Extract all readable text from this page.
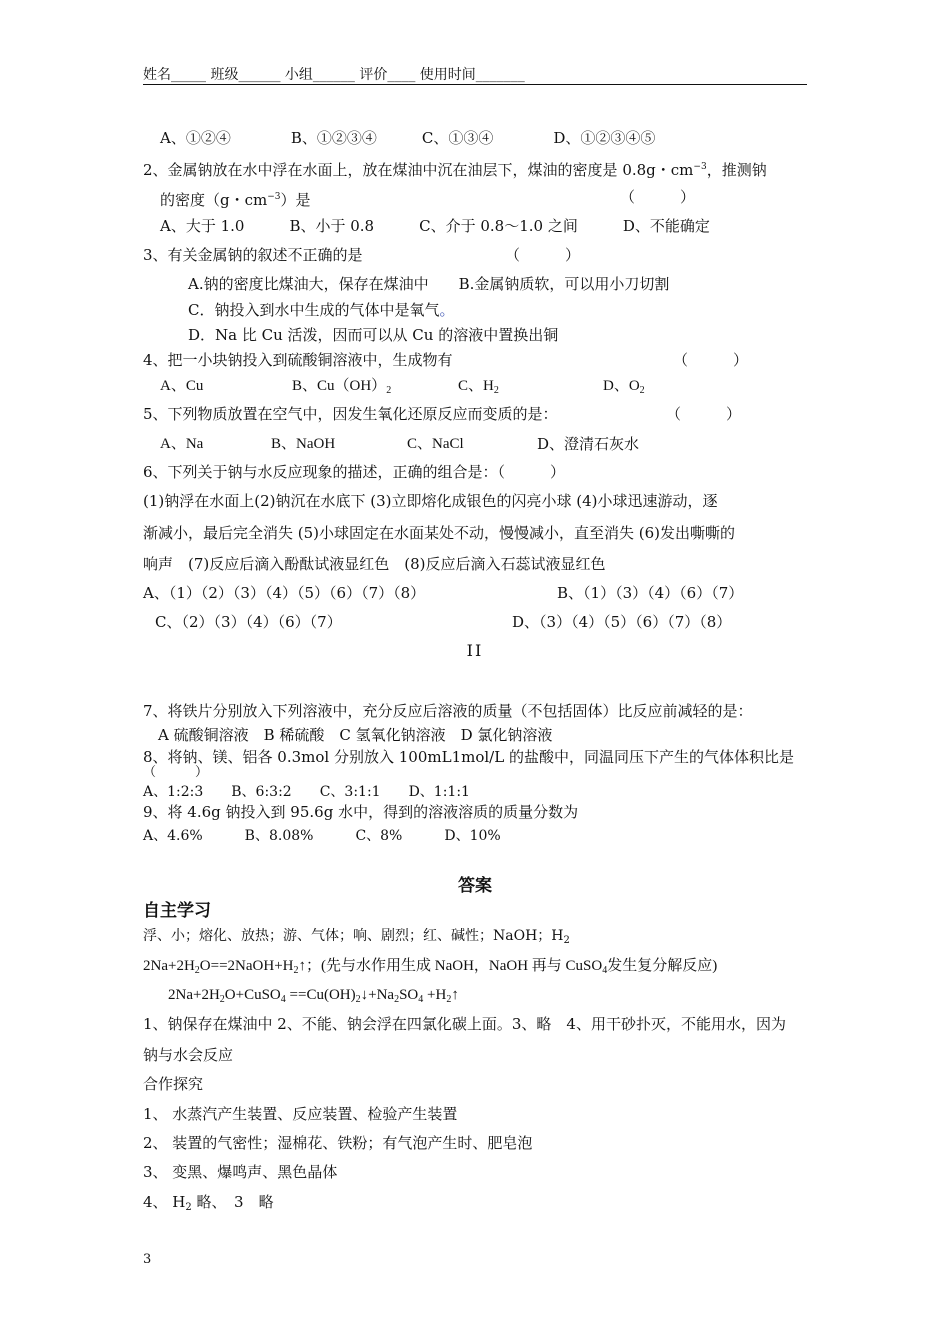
姓名_____ 班级______ 小组______ 评价____ 使用时间_______
A、①②④　　　　B、①②③④　　　C、①③④　　　　D、①②③④⑤
2、金属钠放在水中浮在水面上，放在煤油中沉在油层下，煤油的密度是 0.8g・$cm^{-3}$，推测钠
的密度（g・$cm^{-3}$）是	（　　　）
A、大于 1.0　　　B、小于 0.8　　　C、介于 0.8～1.0 之间　　　D、不能确定
3、有关金属钠的叙述不正确的是	（　　　）
A.钠的密度比煤油大，保存在煤油中　　B.金属钠质软，可以用小刀切割
C．钠投入到水中生成的气体中是氧气。
D．Na 比 Cu 活泼，因而可以从 Cu 的溶液中置换出铜
4、把一小块钠投入到硫酸铜溶液中，生成物有	（　　　）
A、Cu	B、$Cu(OH)_2$	C、$H_2$	D、$O_2$
5、下列物质放置在空气中，因发生氧化还原反应而变质的是：	（　　　）
A、Na	B、NaOH	C、NaCl	D、澄清石灰水
6、下列关于钠与水反应现象的描述，正确的组合是：（　　　）
(1)钠浮在水面上(2)钠沉在水底下 (3)立即熔化成银色的闪亮小球 (4)小球迅速游动，逐
渐减小，最后完全消失 (5)小球固定在水面某处不动，慢慢减小，直至消失 (6)发出嘶嘶的
响声　(7)反应后滴入酚酞试液显红色　(8)反应后滴入石蕊试液显红色
A、（1）（2）（3）（4）（5）（6）（7）（8）	B、（1）（3）（4）（6）（7）
C、（2）（3）（4）（6）（7）	D、（3）（4）（5）（6）（7）（8）
II
7、将铁片分别放入下列溶液中，充分反应后溶液的质量（不包括固体）比反应前减轻的是：
A 硫酸铜溶液　B 稀硫酸　C 氢氧化钠溶液　D 氯化钠溶液
8、将钠、镁、铝各 0.3mol 分别放入 100mL1mol/L 的盐酸中，同温同压下产生的气体体积比是
（　　　）
A、1:2:3　　B、6:3:2　　C、3:1:1　　D、1:1:1
9、将 4.6g 钠投入到 95.6g 水中，得到的溶液溶质的质量分数为
A、4.6%　　　B、8.08%　　　C、8%　　　D、10%
答案
自主学习
浮、小；熔化、放热；游、气体；响、剧烈；红、碱性；NaOH；$H_2$
$2Na+2H_2O==2NaOH+H_2↑$；(先与水作用生成 NaOH，NaOH 再与 CuSO$_4$发生复分解反应)
$2Na+2H_2O+CuSO_4$ $==Cu(OH)_2↓+Na_2SO_4$ $+H_2↑$
1、钠保存在煤油中 2、不能、钠会浮在四氯化碳上面。3、略　4、用干砂扑灭，不能用水，因为
钠与水会反应
合作探究
1、 水蒸汽产生装置、反应装置、检验产生装置
2、 装置的气密性；湿棉花、铁粉；有气泡产生时、肥皂泡
3、 变黑、爆鸣声、黑色晶体
4、 $H_2$ 略、　3　略
3
